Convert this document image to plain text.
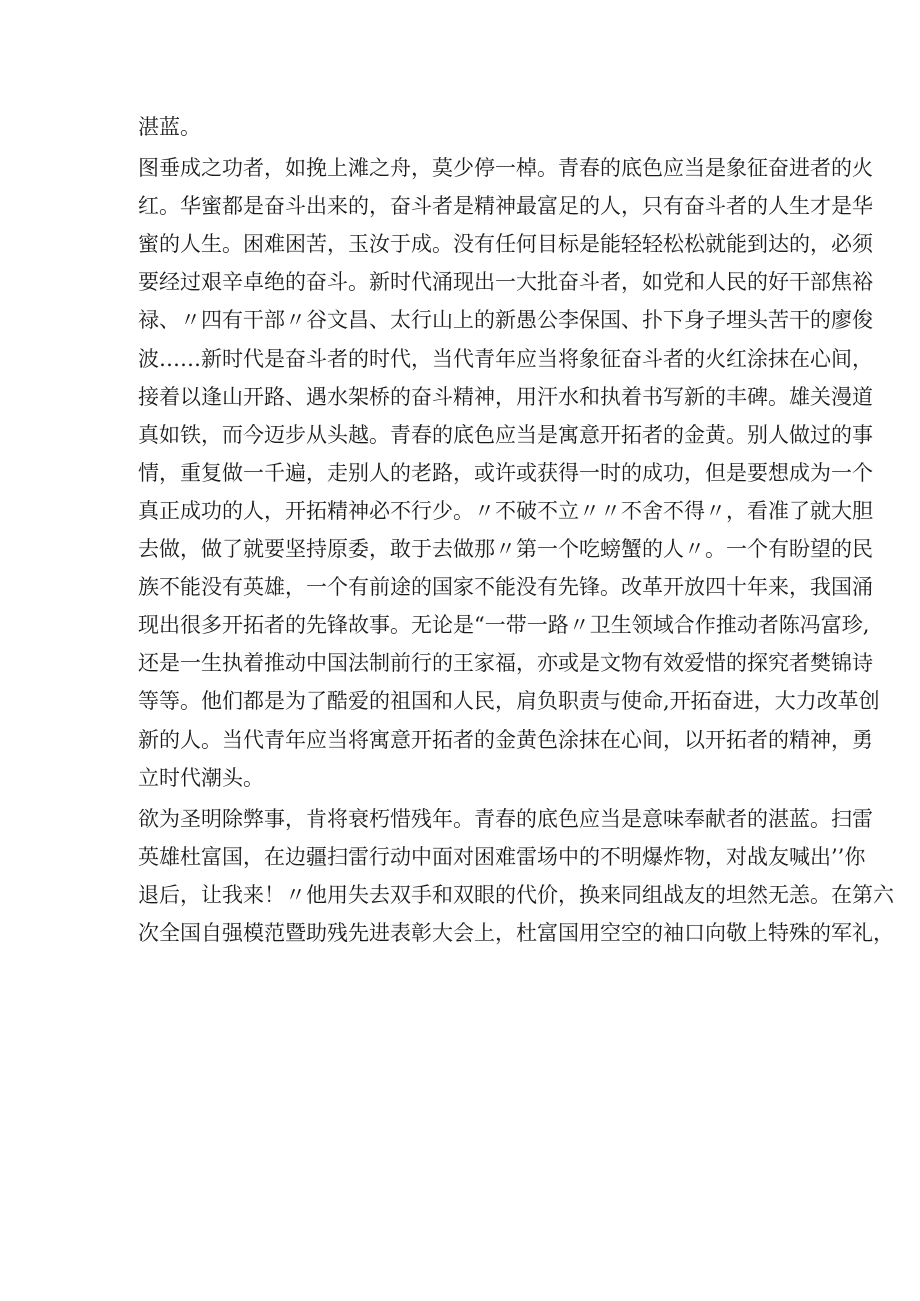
湛蓝。
图垂成之功者，如挽上滩之舟，莫少停一棹。青春的底色应当是象征奋进者的火
红。华蜜都是奋斗出来的，奋斗者是精神最富足的人，只有奋斗者的人生才是华
蜜的人生。困难困苦，玉汝于成。没有任何目标是能轻轻松松就能到达的，必须
要经过艰辛卓绝的奋斗。新时代涌现出一大批奋斗者，如党和人民的好干部焦裕
禄、〃四有干部〃谷文昌、太行山上的新愚公李保国、扑下身子埋头苦干的廖俊
波……新时代是奋斗者的时代，当代青年应当将象征奋斗者的火红涂抹在心间，
接着以逢山开路、遇水架桥的奋斗精神，用汗水和执着书写新的丰碑。雄关漫道
真如铁，而今迈步从头越。青春的底色应当是寓意开拓者的金黄。别人做过的事
情，重复做一千遍，走别人的老路，或许或获得一时的成功，但是要想成为一个
真正成功的人，开拓精神必不行少。〃不破不立〃〃不舍不得〃，看准了就大胆
去做，做了就要坚持原委，敢于去做那〃第一个吃螃蟹的人〃。一个有盼望的民
族不能没有英雄，一个有前途的国家不能没有先锋。改革开放四十年来，我国涌
现出很多开拓者的先锋故事。无论是“一带一路〃卫生领域合作推动者陈冯富珍,
还是一生执着推动中国法制前行的王家福，亦或是文物有效爱惜的探究者樊锦诗
等等。他们都是为了酷爱的祖国和人民，肩负职责与使命,开拓奋进，大力改革创
新的人。当代青年应当将寓意开拓者的金黄色涂抹在心间，以开拓者的精神，勇
立时代潮头。
欲为圣明除弊事，肯将衰朽惜残年。青春的底色应当是意味奉献者的湛蓝。扫雷
英雄杜富国，在边疆扫雷行动中面对困难雷场中的不明爆炸物，对战友喊出’’你
退后，让我来！〃他用失去双手和双眼的代价，换来同组战友的坦然无恙。在第六
次全国自强模范暨助残先进表彰大会上，杜富国用空空的袖口向敬上特殊的军礼，
